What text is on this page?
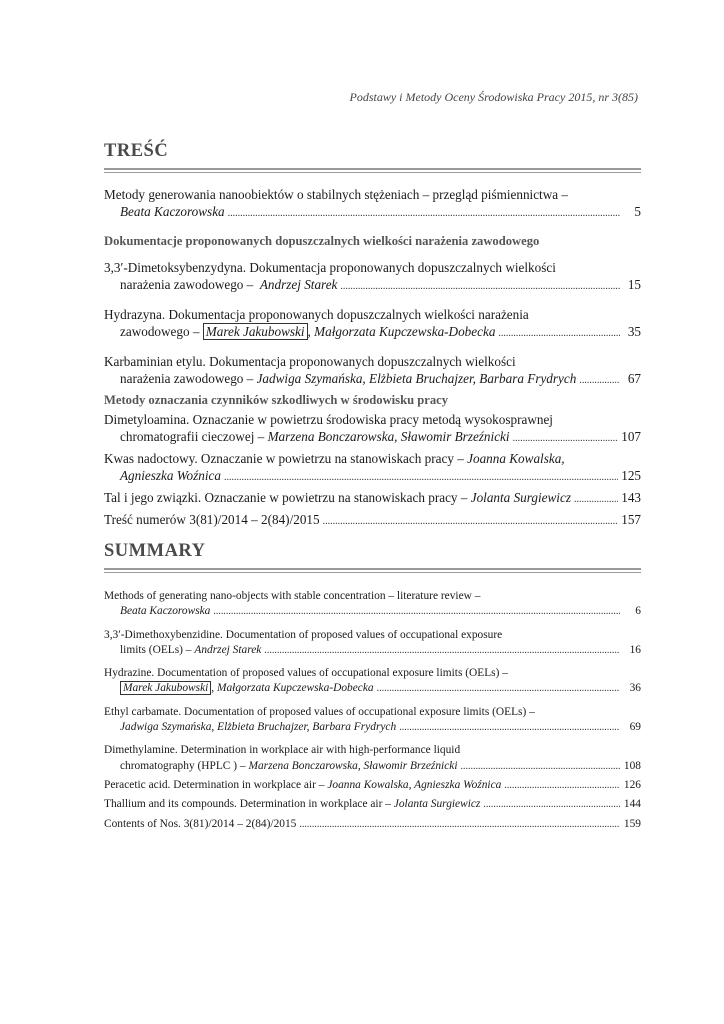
Podstawy i Metody Oceny Środowiska Pracy 2015, nr 3(85)
TREŚĆ
Metody generowania nanoobiektów o stabilnych stężeniach – przegląd piśmiennictwa –
Beata Kaczorowska .....	5
Dokumentacje proponowanych dopuszczalnych wielkości narażenia zawodowego
3,3′-Dimetoksybenzydyna. Dokumentacja proponowanych dopuszczalnych wielkości
narażenia zawodowego – Andrzej Starek .....	15
Hydrazyna. Dokumentacja proponowanych dopuszczalnych wielkości narażenia
zawodowego – Marek Jakubowski , Małgorzata Kupczewska-Dobecka .....	35
Karbaminian etylu. Dokumentacja proponowanych dopuszczalnych wielkości
narażenia zawodowego – Jadwiga Szymańska, Elżbieta Bruchajzer, Barbara Frydrych .....	67
Metody oznaczania czynników szkodliwych w środowisku pracy
Dimetyloamina. Oznaczanie w powietrzu środowiska pracy metodą wysokosprawnej
chromatografii cieczowej – Marzena Bonczarowska, Sławomir Brzeźnicki .....	107
Kwas nadoctowy. Oznaczanie w powietrzu na stanowiskach pracy – Joanna Kowalska,
Agnieszka Woźnica .....	125
Tal i jego związki. Oznaczanie w powietrzu na stanowiskach pracy – Jolanta Surgiewicz .....	143
Treść numerów 3(81)/2014 – 2(84)/2015 .....	157
SUMMARY
Methods of generating nano-objects with stable concentration – literature review –
Beata Kaczorowska .....	6
3,3′-Dimethoxybenzidine. Documentation of proposed values of occupational exposure
limits (OELs) – Andrzej Starek .....	16
Hydrazine. Documentation of proposed values of occupational exposure limits (OELs) –
Marek Jakubowski , Małgorzata Kupczewska-Dobecka .....	36
Ethyl carbamate. Documentation of proposed values of occupational exposure limits (OELs) –
Jadwiga Szymańska, Elżbieta Bruchajzer, Barbara Frydrych .....	69
Dimethylamine. Determination in workplace air with high-performance liquid
chromatography (HPLC ) – Marzena Bonczarowska, Sławomir Brzeźnicki .....	108
Peracetic acid. Determination in workplace air – Joanna Kowalska, Agnieszka Woźnica .....	126
Thallium and its compounds. Determination in workplace air – Jolanta Surgiewicz .....	144
Contents of Nos. 3(81)/2014 – 2(84)/2015 .....	159
